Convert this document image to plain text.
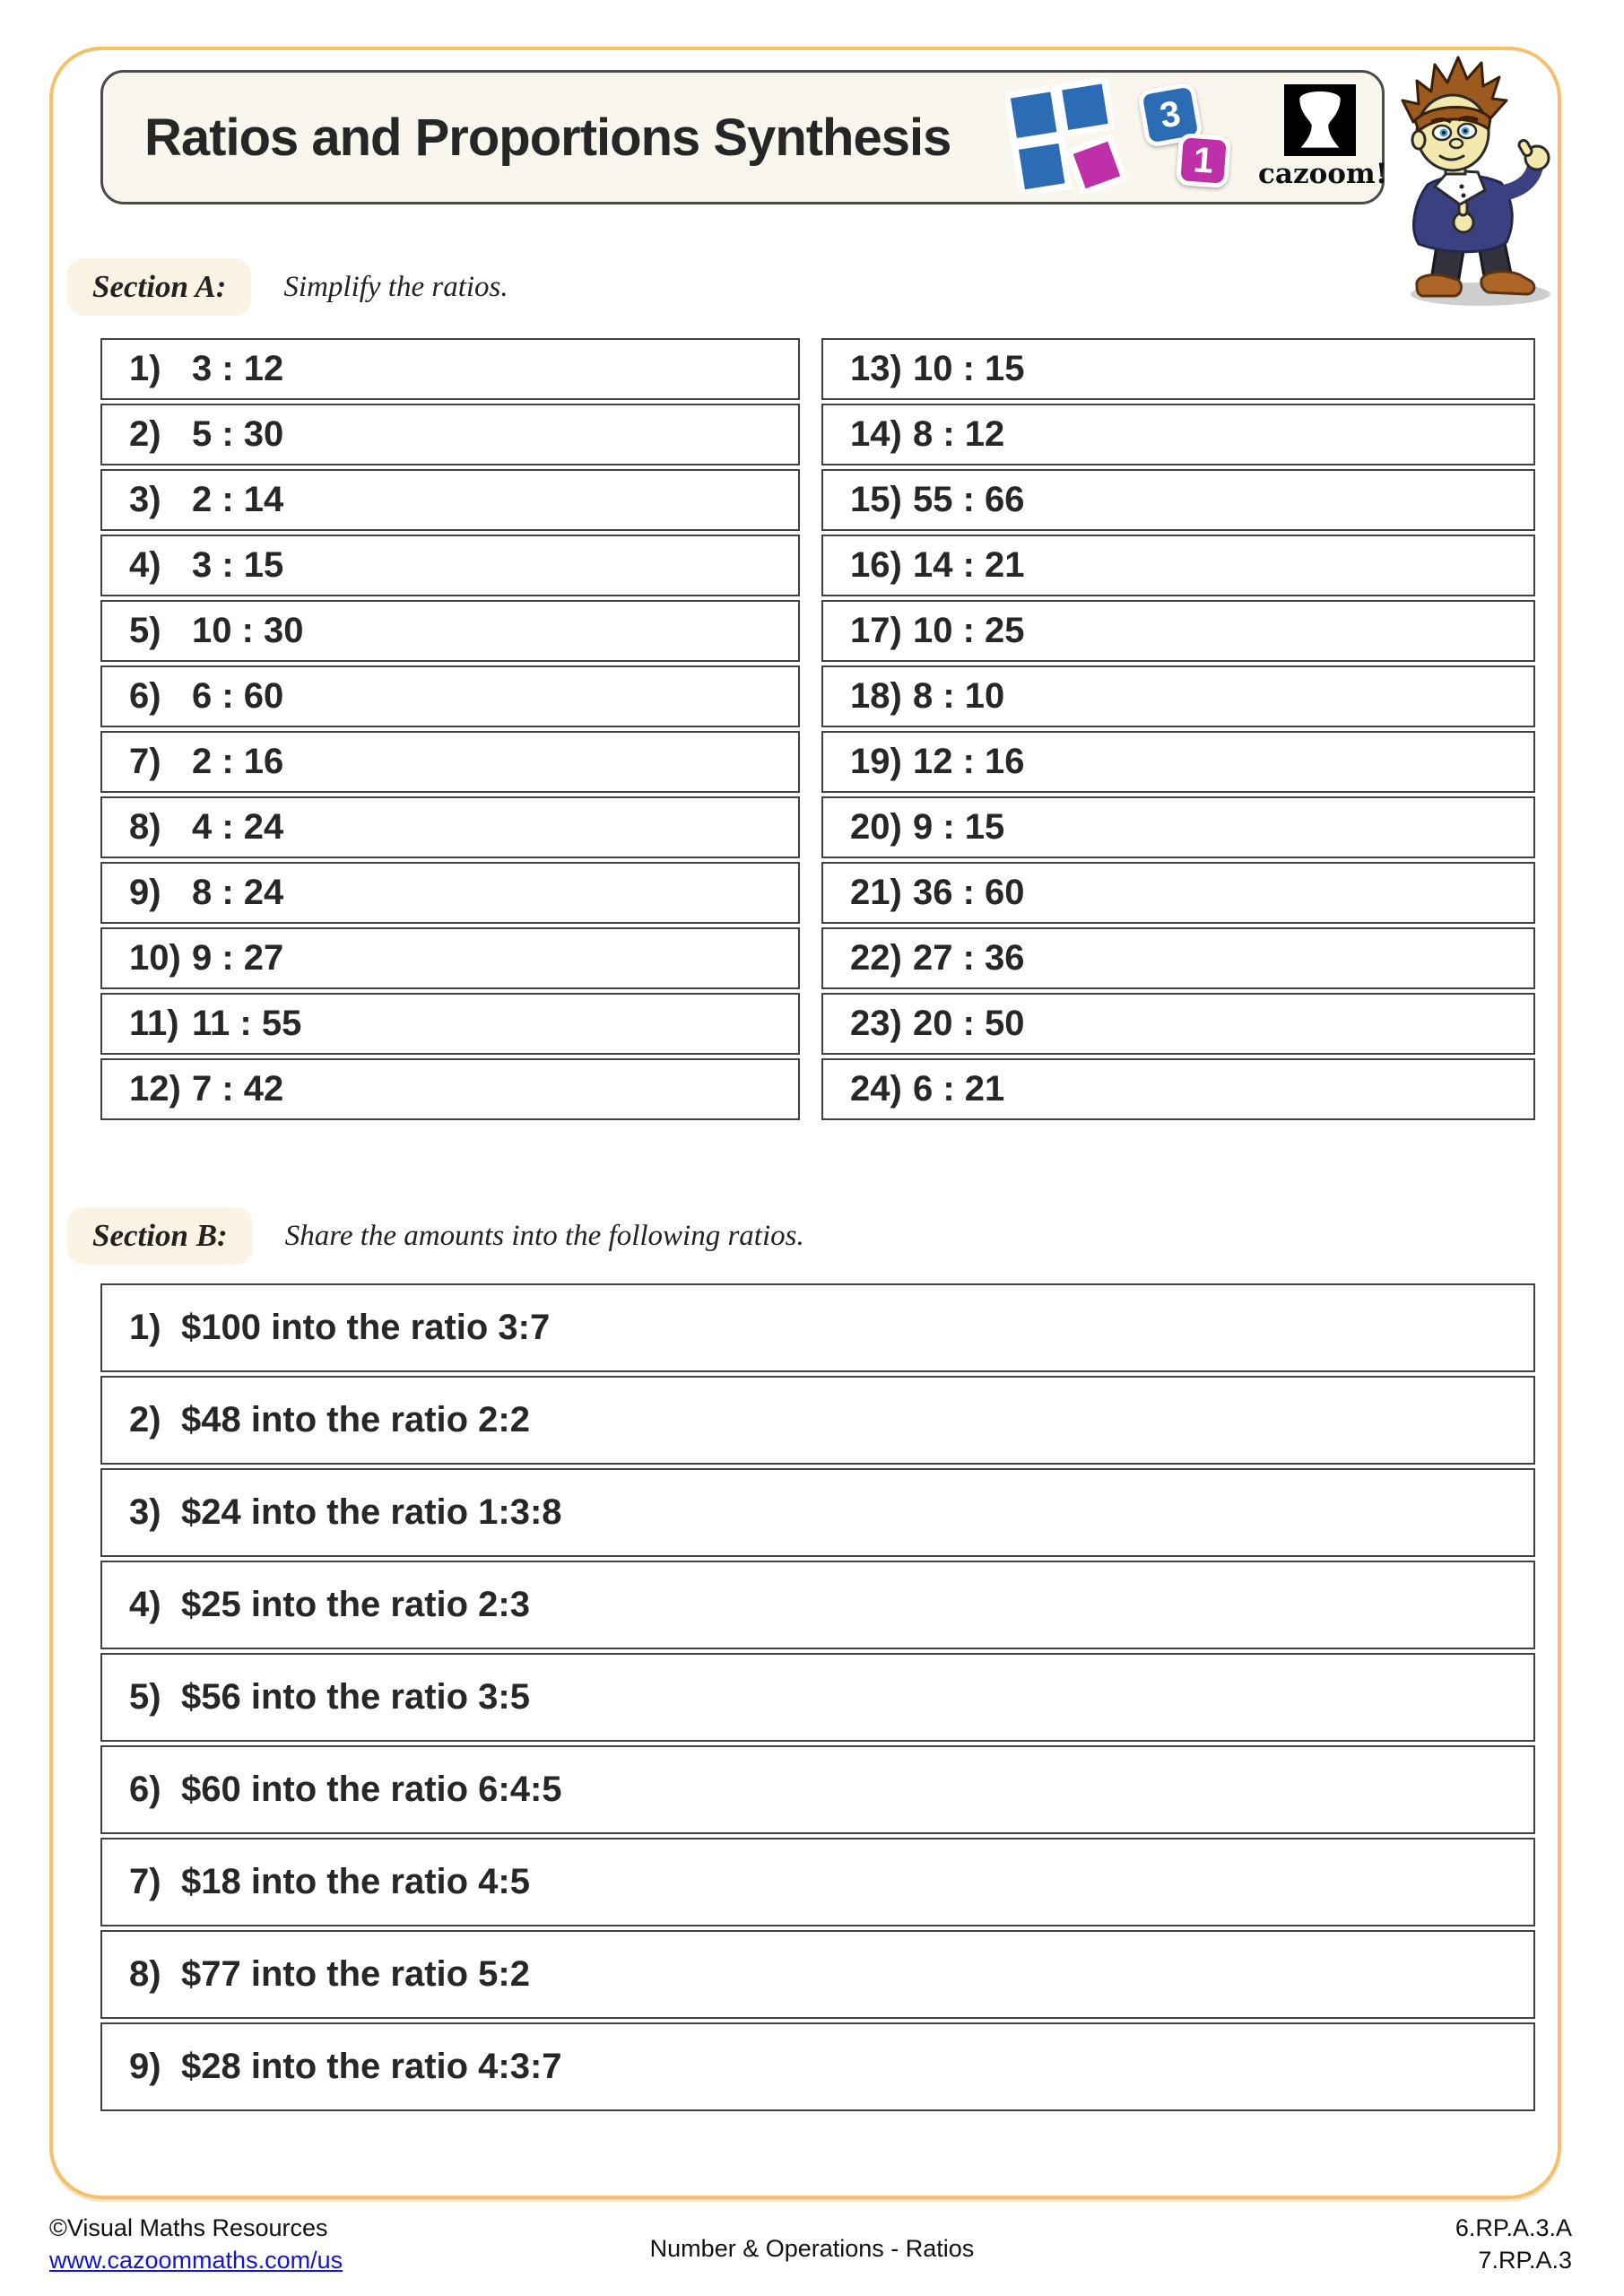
Ratios and Proportions Synthesis	3
1 cazoom!
Section A:	Simplify the ratios.
1) 3 : 12
2) 5 : 30
3) 2 : 14
4) 3 : 15
5) 10 : 30
6) 6 : 60
7) 2 : 16
8) 4 : 24
9) 8 : 24
10) 9 : 27
11) 11 : 55
12) 7 : 42
13) 10 : 15
14) 8 : 12
15) 55 : 66
16) 14 : 21
17) 10 : 25
18) 8 : 10
19) 12 : 16
20) 9 : 15
21) 36 : 60
22) 27 : 36
23) 20 : 50
24) 6 : 21
Section B:	Share the amounts into the following ratios.
1) $100 into the ratio 3:7
2) $48 into the ratio 2:2
3) $24 into the ratio 1:3:8
4) $25 into the ratio 2:3
5) $56 into the ratio 3:5
6) $60 into the ratio 6:4:5
7) $18 into the ratio 4:5
8) $77 into the ratio 5:2
9) $28 into the ratio 4:3:7
©Visual Maths Resources
www.cazoommaths.com/us	Number & Operations - Ratios
6.RP.A.3.A
7.RP.A.3
